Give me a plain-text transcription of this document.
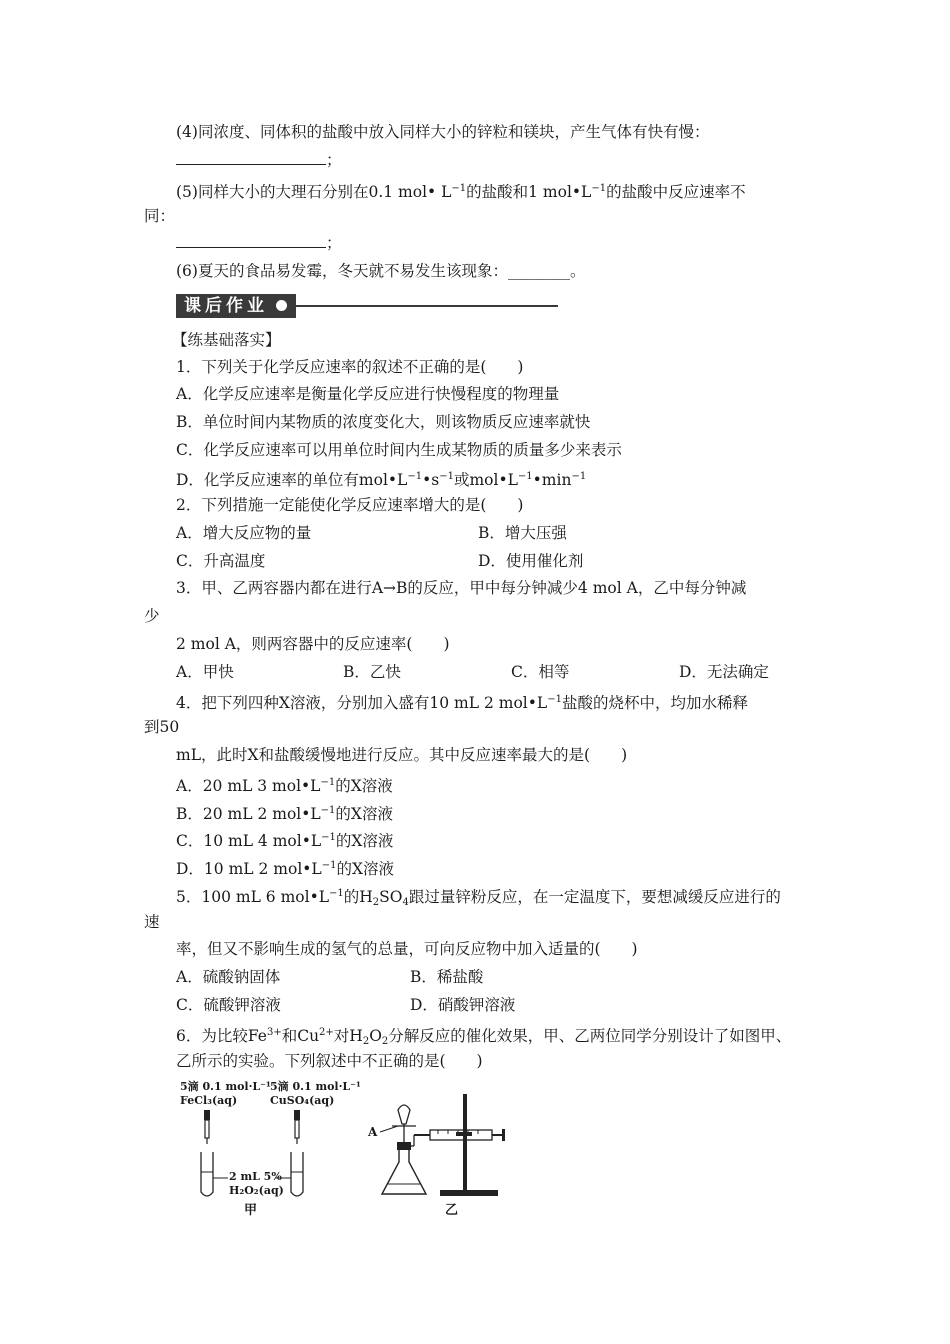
(4)同浓度、同体积的盐酸中放入同样大小的锌粒和镁块，产生气体有快有慢：
；
(5)同样大小的大理石分别在0.1 mol• $L^{-1}$的盐酸和1 $mol•L^{-1}$的盐酸中反应速率不
同：
；
(6)夏天的食品易发霉，冬天就不易发生该现象：________。
课后作业
【练基础落实】
1．下列关于化学反应速率的叙述不正确的是(　　)
A．化学反应速率是衡量化学反应进行快慢程度的物理量
B．单位时间内某物质的浓度变化大，则该物质反应速率就快
C．化学反应速率可以用单位时间内生成某物质的质量多少来表示
D．化学反应速率的单位有$mol•L^{-1}•s^{-1}$或$mol•L^{-1}•\min^{-1}$
2．下列措施一定能使化学反应速率增大的是(　　)
A．增大反应物的量	B．增大压强
C．升高温度	D．使用催化剂
3．甲、乙两容器内都在进行A→B的反应，甲中每分钟减少4 mol A，乙中每分钟减
少
2 mol A，则两容器中的反应速率(　　)
A．甲快	B．乙快	C．相等	D．无法确定
4．把下列四种X溶液，分别加入盛有10 mL 2 $mol•L^{-1}$盐酸的烧杯中，均加水稀释
到50
mL，此时X和盐酸缓慢地进行反应。其中反应速率最大的是(　　)
A．20 mL 3 $mol•L^{-1}$的X溶液
B．20 mL 2 $mol•L^{-1}$的X溶液
C．10 mL 4 $mol•L^{-1}$的X溶液
D．10 mL 2 $mol•L^{-1}$的X溶液
5．100 mL 6 $mol•L^{-1}$的$H_2SO_4$跟过量锌粉反应，在一定温度下，要想减缓反应进行的
速
率，但又不影响生成的氢气的总量，可向反应物中加入适量的(　　)
A．硫酸钠固体	B．稀盐酸
C．硫酸钾溶液	D．硝酸钾溶液
6．为比较$Fe^{3+}$和$Cu^{2+}$对$H_2O_2$分解反应的催化效果，甲、乙两位同学分别设计了如图甲、
乙所示的实验。下列叙述中不正确的是(　　)
5滴 0.1 mol·L⁻¹
FeCl₃(aq)
5滴 0.1 mol·L⁻¹
CuSO₄(aq)
2 mL 5%
H₂O₂(aq)
甲
A
乙
